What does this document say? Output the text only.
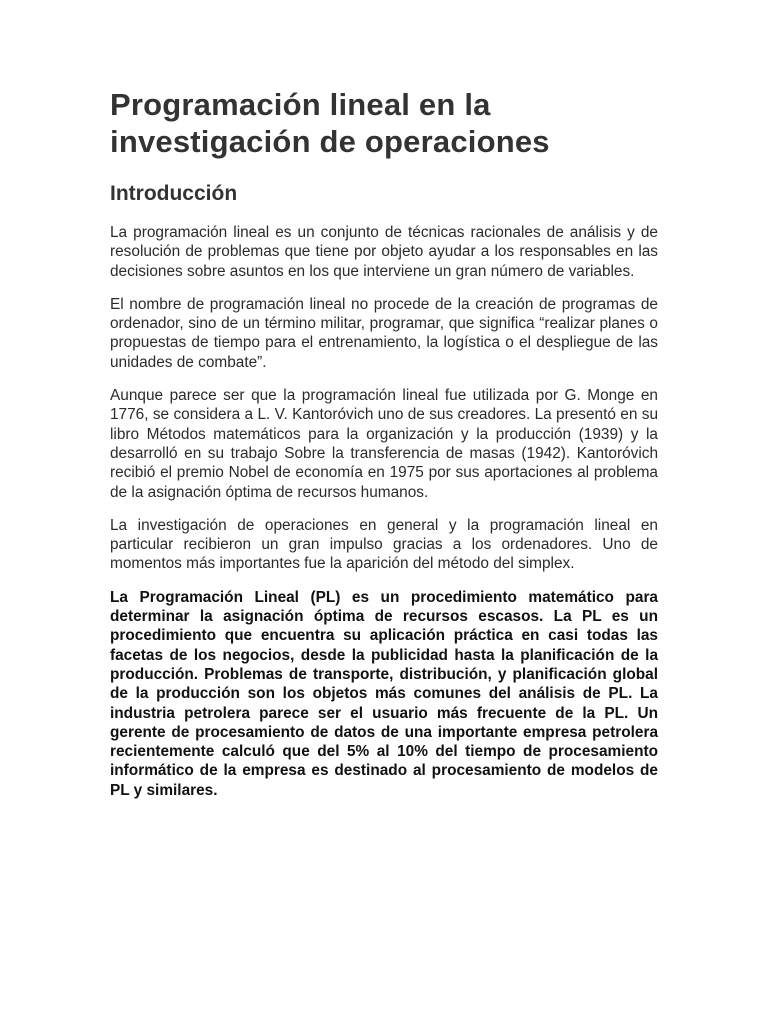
Programación lineal en la investigación de operaciones
Introducción

La programación lineal es un conjunto de técnicas racionales de análisis y de resolución de problemas que tiene por objeto ayudar a los responsables en las decisiones sobre asuntos en los que interviene un gran número de variables.

El nombre de programación lineal no procede de la creación de programas de ordenador, sino de un término militar, programar, que significa “realizar planes o propuestas de tiempo para el entrenamiento, la logística o el despliegue de las unidades de combate”.

Aunque parece ser que la programación lineal fue utilizada por G. Monge en 1776, se considera a L. V. Kantoróvich uno de sus creadores. La presentó en su libro Métodos matemáticos para la organización y la producción (1939) y la desarrolló en su trabajo Sobre la transferencia de masas (1942). Kantoróvich recibió el premio Nobel de economía en 1975 por sus aportaciones al problema de la asignación óptima de recursos humanos.

La investigación de operaciones en general y la programación lineal en particular recibieron un gran impulso gracias a los ordenadores. Uno de momentos más importantes fue la aparición del método del simplex.

La Programación Lineal (PL) es un procedimiento matemático para determinar la asignación óptima de recursos escasos. La PL es un procedimiento que encuentra su aplicación práctica en casi todas las facetas de los negocios, desde la publicidad hasta la planificación de la producción. Problemas de transporte, distribución, y planificación global de la producción son los objetos más comunes del análisis de PL. La industria petrolera parece ser el usuario más frecuente de la PL. Un gerente de procesamiento de datos de una importante empresa petrolera recientemente calculó que del 5% al 10% del tiempo de procesamiento informático de la empresa es destinado al procesamiento de modelos de PL y similares.
